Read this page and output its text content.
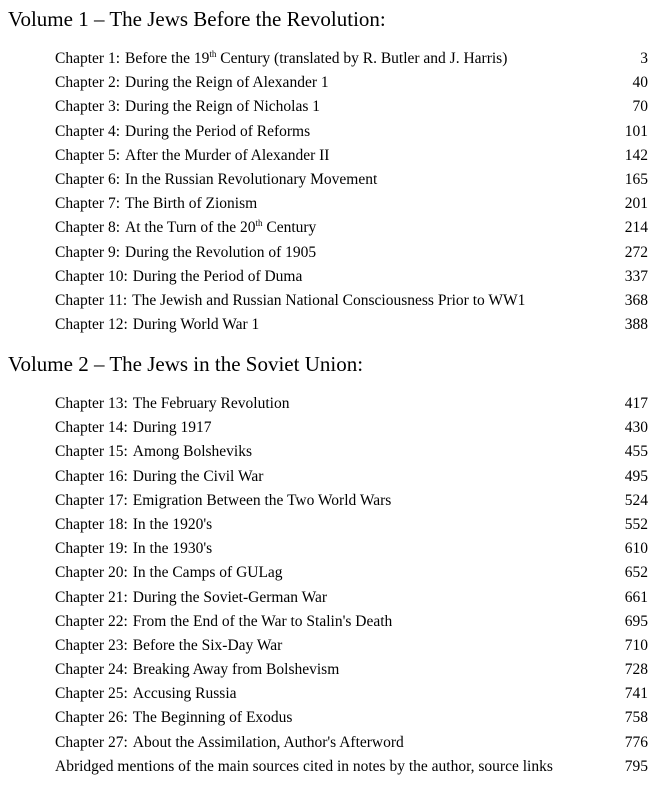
Volume 1 – The Jews Before the Revolution:
Chapter 1: Before the 19th Century (translated by R. Butler and J. Harris)	3
Chapter 2: During the Reign of Alexander 1	40
Chapter 3: During the Reign of Nicholas 1	70
Chapter 4: During the Period of Reforms	101
Chapter 5: After the Murder of Alexander II	142
Chapter 6: In the Russian Revolutionary Movement	165
Chapter 7: The Birth of Zionism	201
Chapter 8: At the Turn of the 20th Century	214
Chapter 9: During the Revolution of 1905	272
Chapter 10: During the Period of Duma	337
Chapter 11: The Jewish and Russian National Consciousness Prior to WW1	368
Chapter 12: During World War 1	388
Volume 2 – The Jews in the Soviet Union:
Chapter 13: The February Revolution	417
Chapter 14: During 1917	430
Chapter 15: Among Bolsheviks	455
Chapter 16: During the Civil War	495
Chapter 17: Emigration Between the Two World Wars	524
Chapter 18: In the 1920's	552
Chapter 19: In the 1930's	610
Chapter 20: In the Camps of GULag	652
Chapter 21: During the Soviet-German War	661
Chapter 22: From the End of the War to Stalin's Death	695
Chapter 23: Before the Six-Day War	710
Chapter 24: Breaking Away from Bolshevism	728
Chapter 25: Accusing Russia	741
Chapter 26: The Beginning of Exodus	758
Chapter 27: About the Assimilation, Author's Afterword	776
Abridged mentions of the main sources cited in notes by the author, source links	795
